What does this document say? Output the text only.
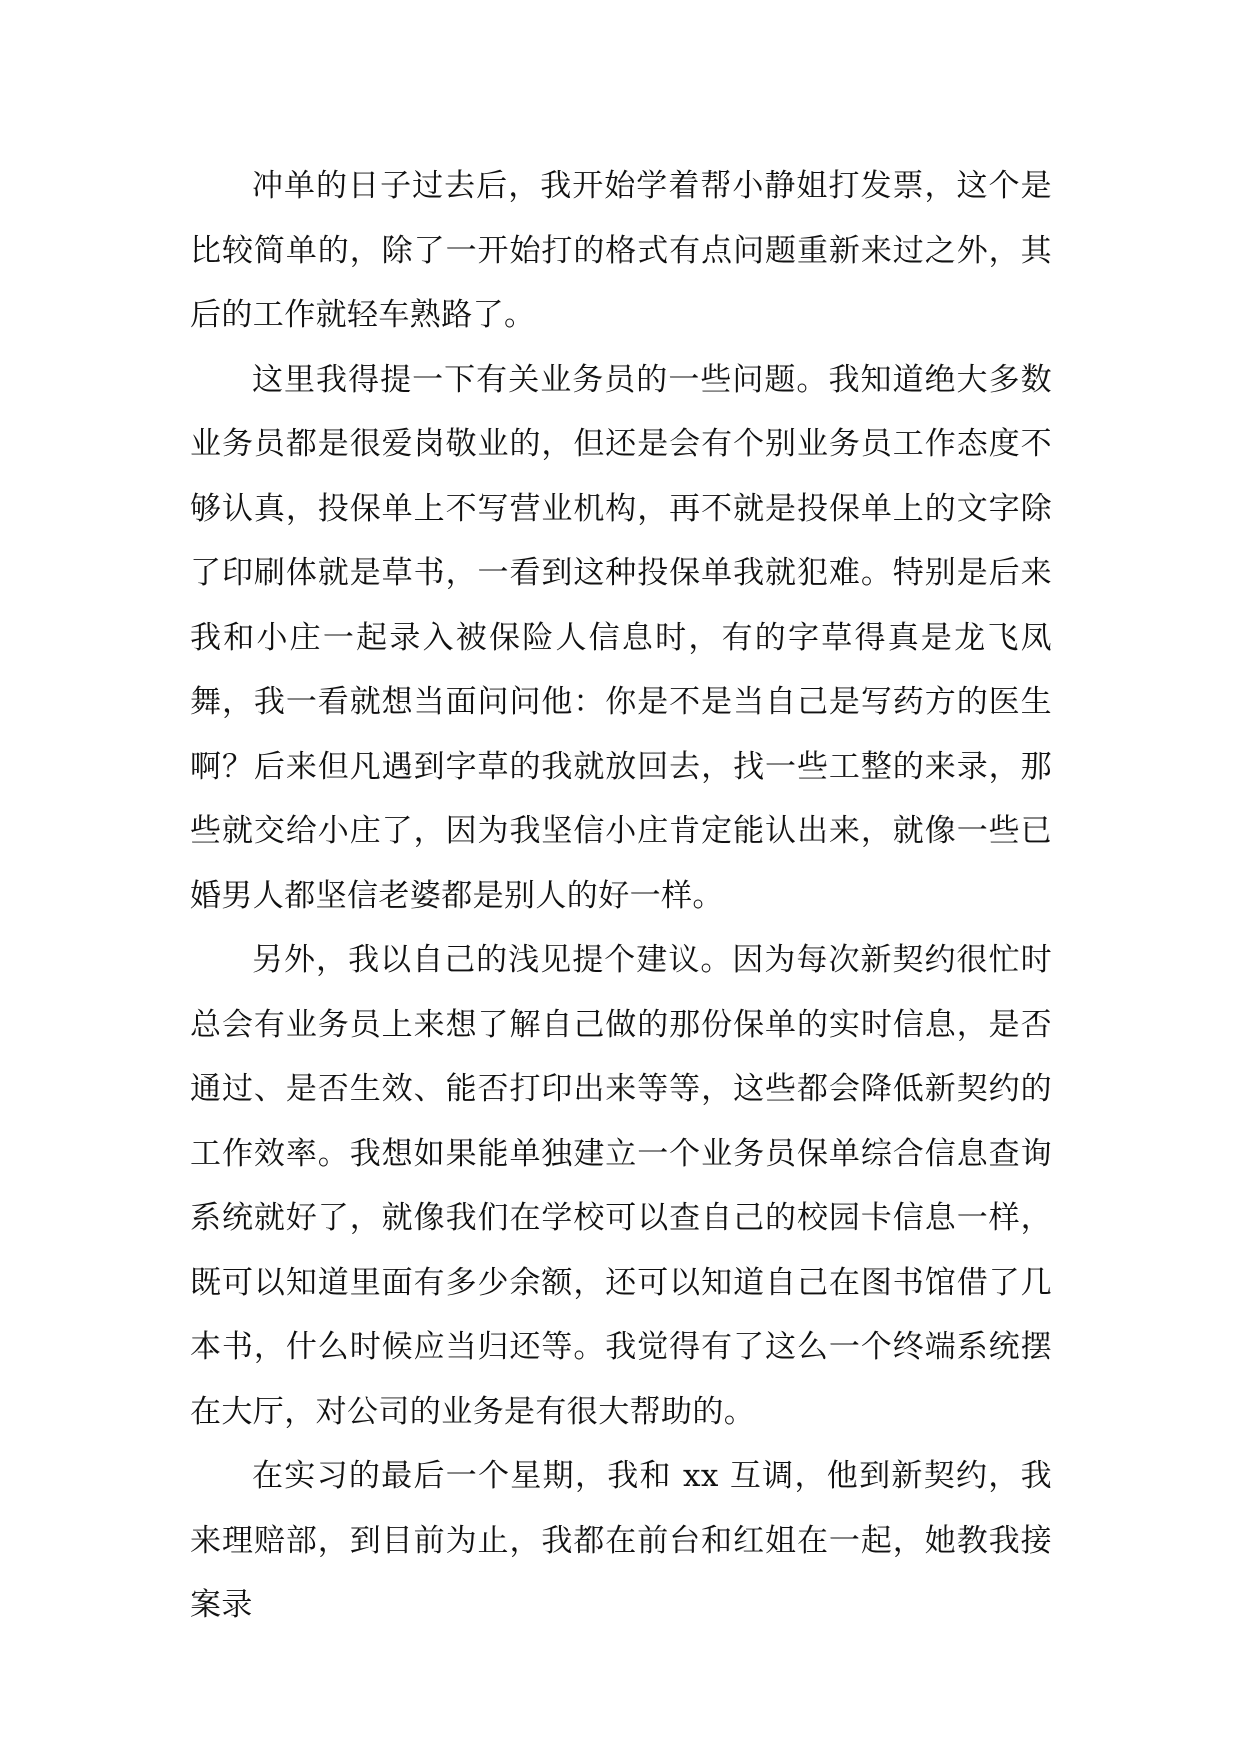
冲单的日子过去后，我开始学着帮小静姐打发票，这个是比较简单的，除了一开始打的格式有点问题重新来过之外，其后的工作就轻车熟路了。

这里我得提一下有关业务员的一些问题。我知道绝大多数业务员都是很爱岗敬业的，但还是会有个别业务员工作态度不够认真，投保单上不写营业机构，再不就是投保单上的文字除了印刷体就是草书，一看到这种投保单我就犯难。特别是后来我和小庄一起录入被保险人信息时，有的字草得真是龙飞凤舞，我一看就想当面问问他：你是不是当自己是写药方的医生啊？后来但凡遇到字草的我就放回去，找一些工整的来录，那些就交给小庄了，因为我坚信小庄肯定能认出来，就像一些已婚男人都坚信老婆都是别人的好一样。

另外，我以自己的浅见提个建议。因为每次新契约很忙时总会有业务员上来想了解自己做的那份保单的实时信息，是否通过、是否生效、能否打印出来等等，这些都会降低新契约的工作效率。我想如果能单独建立一个业务员保单综合信息查询系统就好了，就像我们在学校可以查自己的校园卡信息一样，既可以知道里面有多少余额，还可以知道自己在图书馆借了几本书，什么时候应当归还等。我觉得有了这么一个终端系统摆在大厅，对公司的业务是有很大帮助的。

在实习的最后一个星期，我和 xx 互调，他到新契约，我来理赔部，到目前为止，我都在前台和红姐在一起，她教我接案录
